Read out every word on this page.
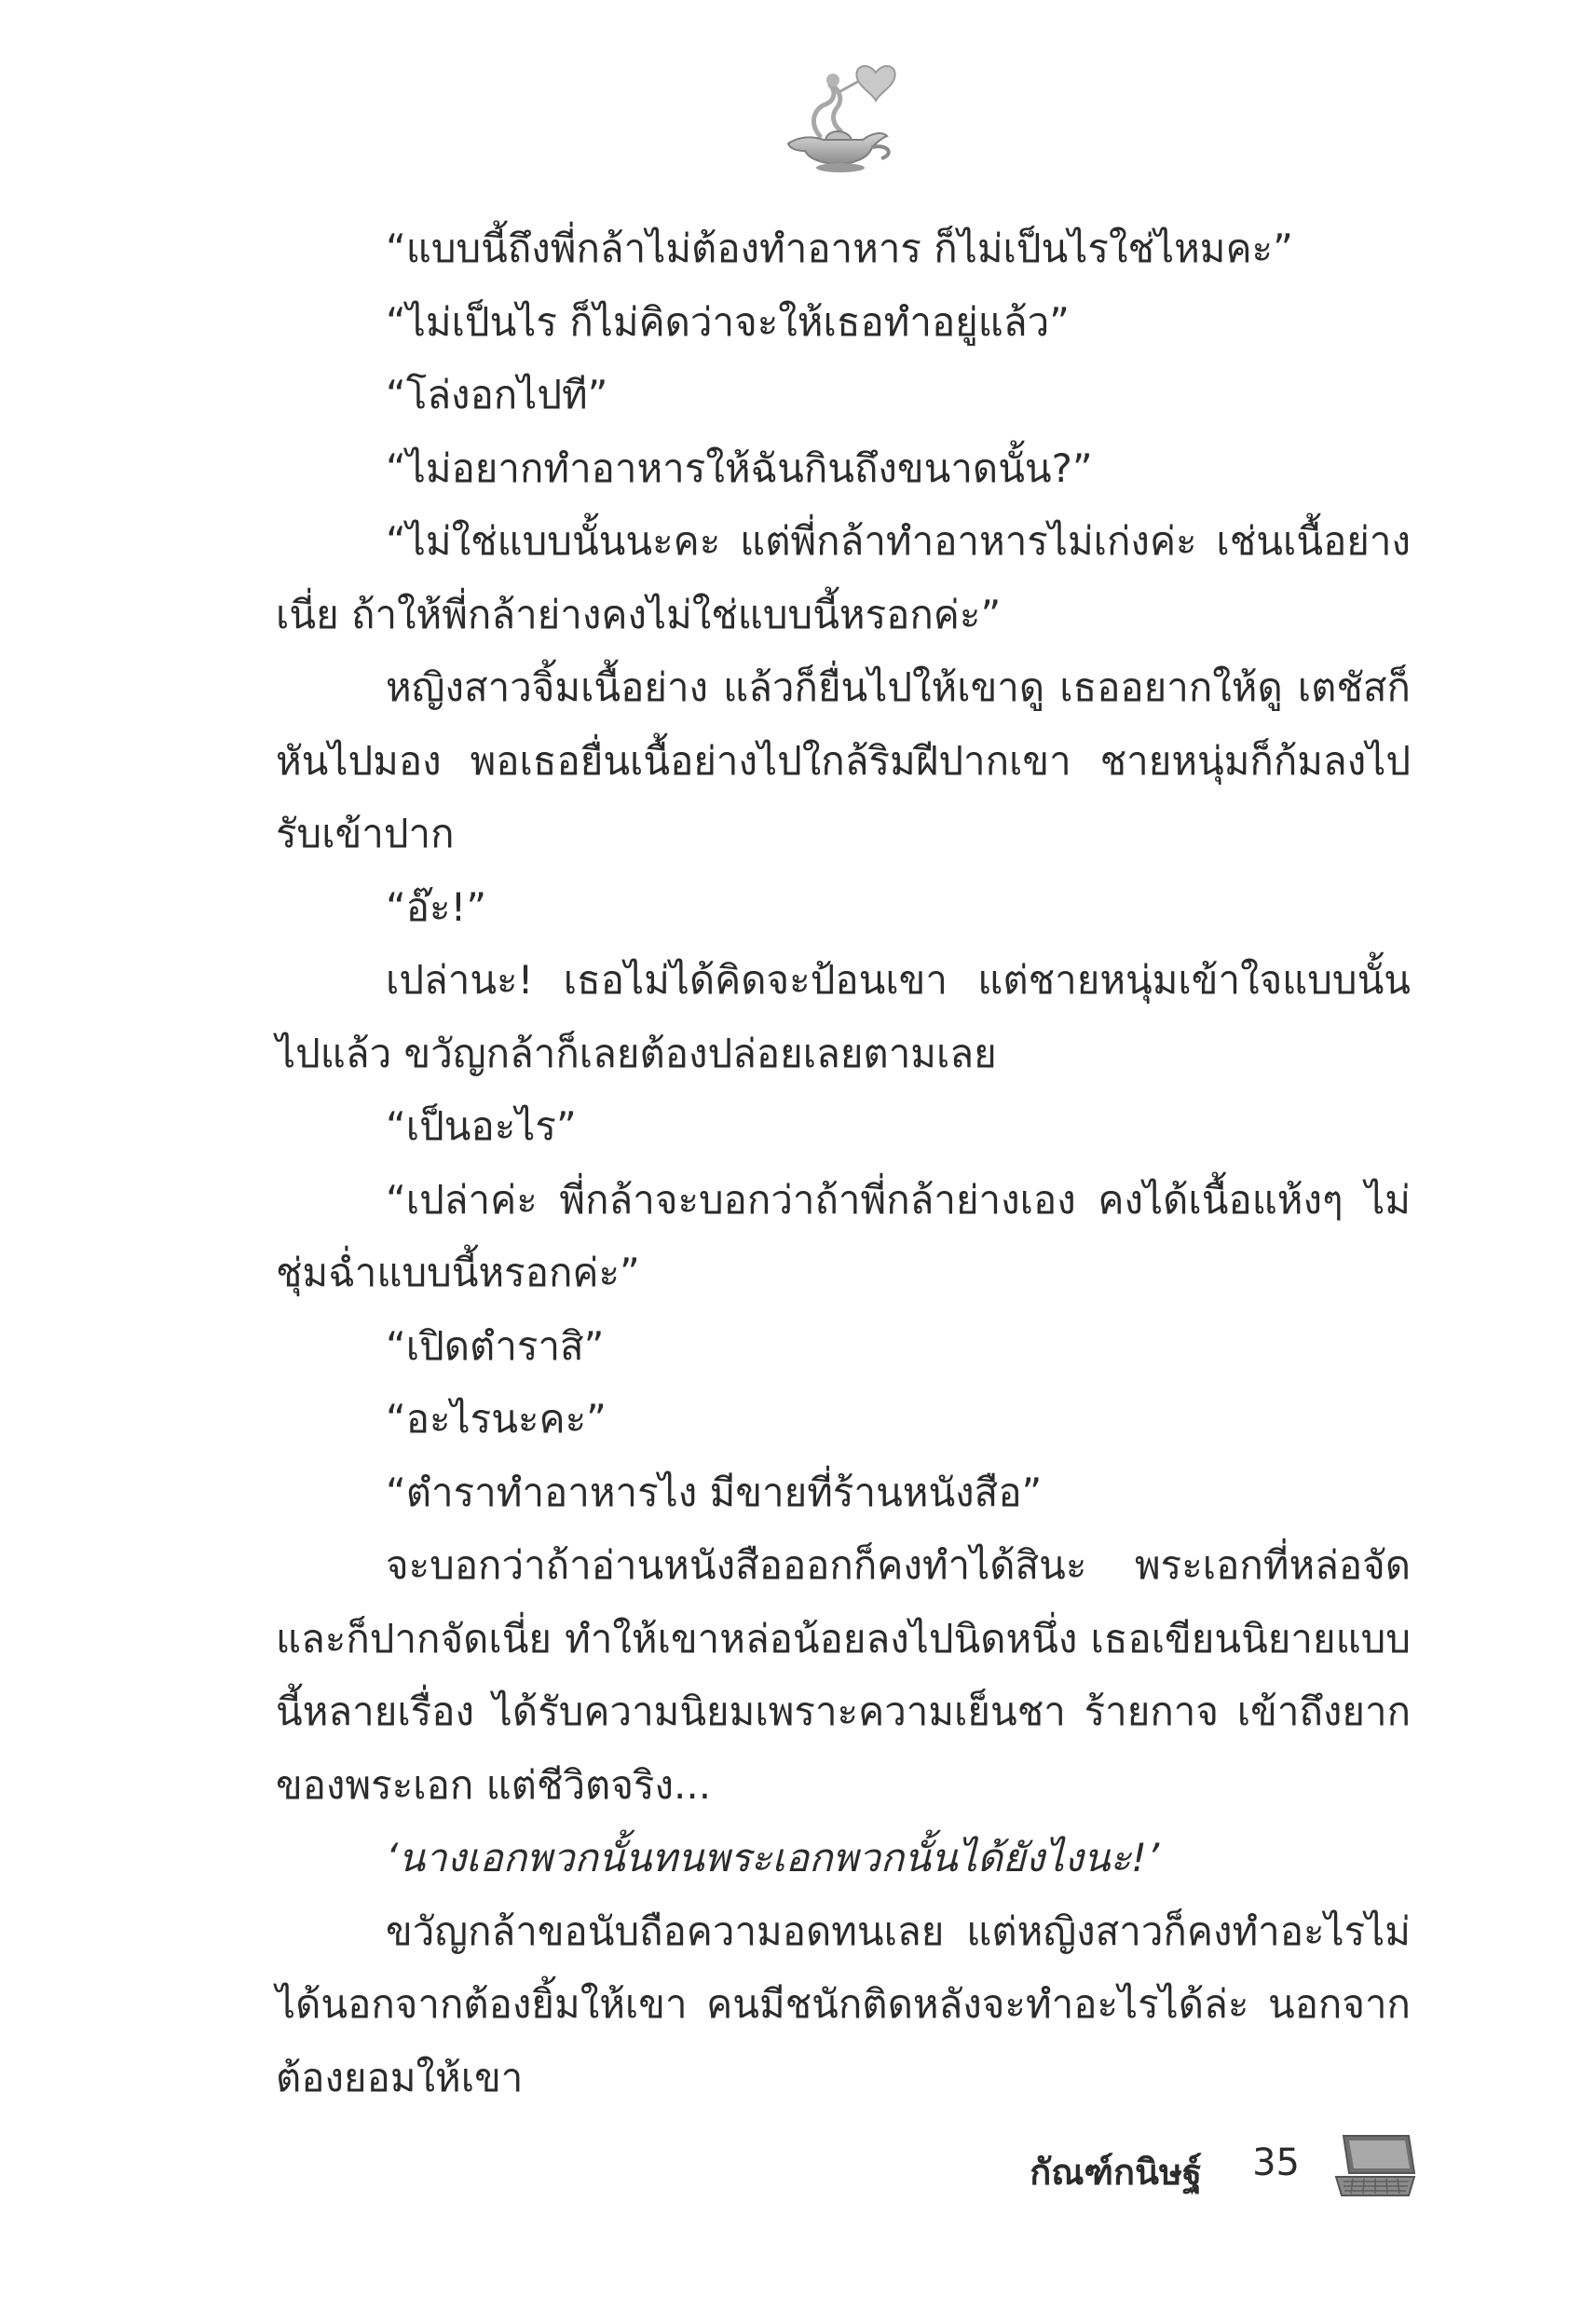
“แบบนี้ถึงพี่กล้าไม่ต้องทำอาหาร ก็ไม่เป็นไรใช่ไหมคะ”

“ไม่เป็นไร ก็ไม่คิดว่าจะให้เธอทำอยู่แล้ว”

“โล่งอกไปที”

“ไม่อยากทำอาหารให้ฉันกินถึงขนาดนั้น?”

“ไม่ใช่แบบนั้นนะคะ แต่พี่กล้าทำอาหารไม่เก่งค่ะ เช่นเนื้อย่างเนี่ย ถ้าให้พี่กล้าย่างคงไม่ใช่แบบนี้หรอกค่ะ”

หญิงสาวจิ้มเนื้อย่าง แล้วก็ยื่นไปให้เขาดู เธออยากให้ดู เตชัสก็หันไปมอง พอเธอยื่นเนื้อย่างไปใกล้ริมฝีปากเขา ชายหนุ่มก็ก้มลงไปรับเข้าปาก

“อ๊ะ!”

เปล่านะ! เธอไม่ได้คิดจะป้อนเขา แต่ชายหนุ่มเข้าใจแบบนั้นไปแล้ว ขวัญกล้าก็เลยต้องปล่อยเลยตามเลย

“เป็นอะไร”

“เปล่าค่ะ พี่กล้าจะบอกว่าถ้าพี่กล้าย่างเอง คงได้เนื้อแห้งๆ ไม่ชุ่มฉ่ำแบบนี้หรอกค่ะ”

“เปิดตำราสิ”

“อะไรนะคะ”

“ตำราทำอาหารไง มีขายที่ร้านหนังสือ”

จะบอกว่าถ้าอ่านหนังสือออกก็คงทำได้สินะ พระเอกที่หล่อจัดและก็ปากจัดเนี่ย ทำให้เขาหล่อน้อยลงไปนิดหนึ่ง เธอเขียนนิยายแบบนี้หลายเรื่อง ได้รับความนิยมเพราะความเย็นชา ร้ายกาจ เข้าถึงยากของพระเอก แต่ชีวิตจริง...

‘นางเอกพวกนั้นทนพระเอกพวกนั้นได้ยังไงนะ!’

ขวัญกล้าขอนับถือความอดทนเลย แต่หญิงสาวก็คงทำอะไรไม่ได้นอกจากต้องยิ้มให้เขา คนมีชนักติดหลังจะทำอะไรได้ล่ะ นอกจากต้องยอมให้เขา

กัณฑ์กนิษฐ์ 35
